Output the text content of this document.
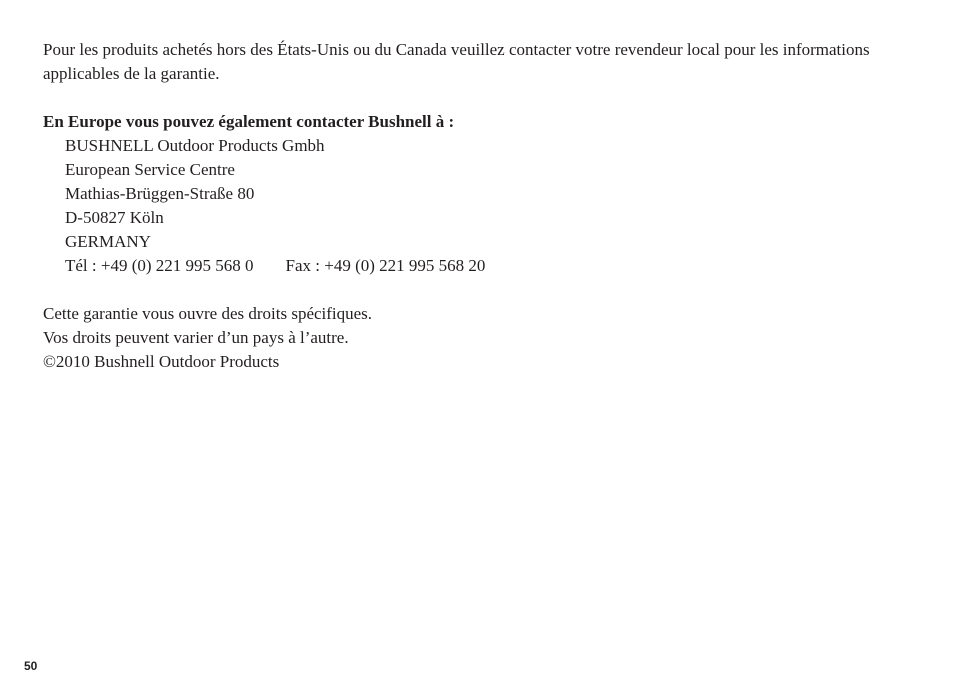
Pour les produits achetés hors des États-Unis ou du Canada veuillez contacter votre revendeur local pour les informations applicables de la garantie.

En Europe vous pouvez également contacter Bushnell à :

BUSHNELL Outdoor Products Gmbh
European Service Centre
Mathias-Brüggen-Straße 80
D-50827 Köln
GERMANY
Tél : +49 (0) 221 995 568 0 Fax : +49 (0) 221 995 568 20
Cette garantie vous ouvre des droits spécifiques.
Vos droits peuvent varier d’un pays à l’autre.
©2010 Bushnell Outdoor Products
50
